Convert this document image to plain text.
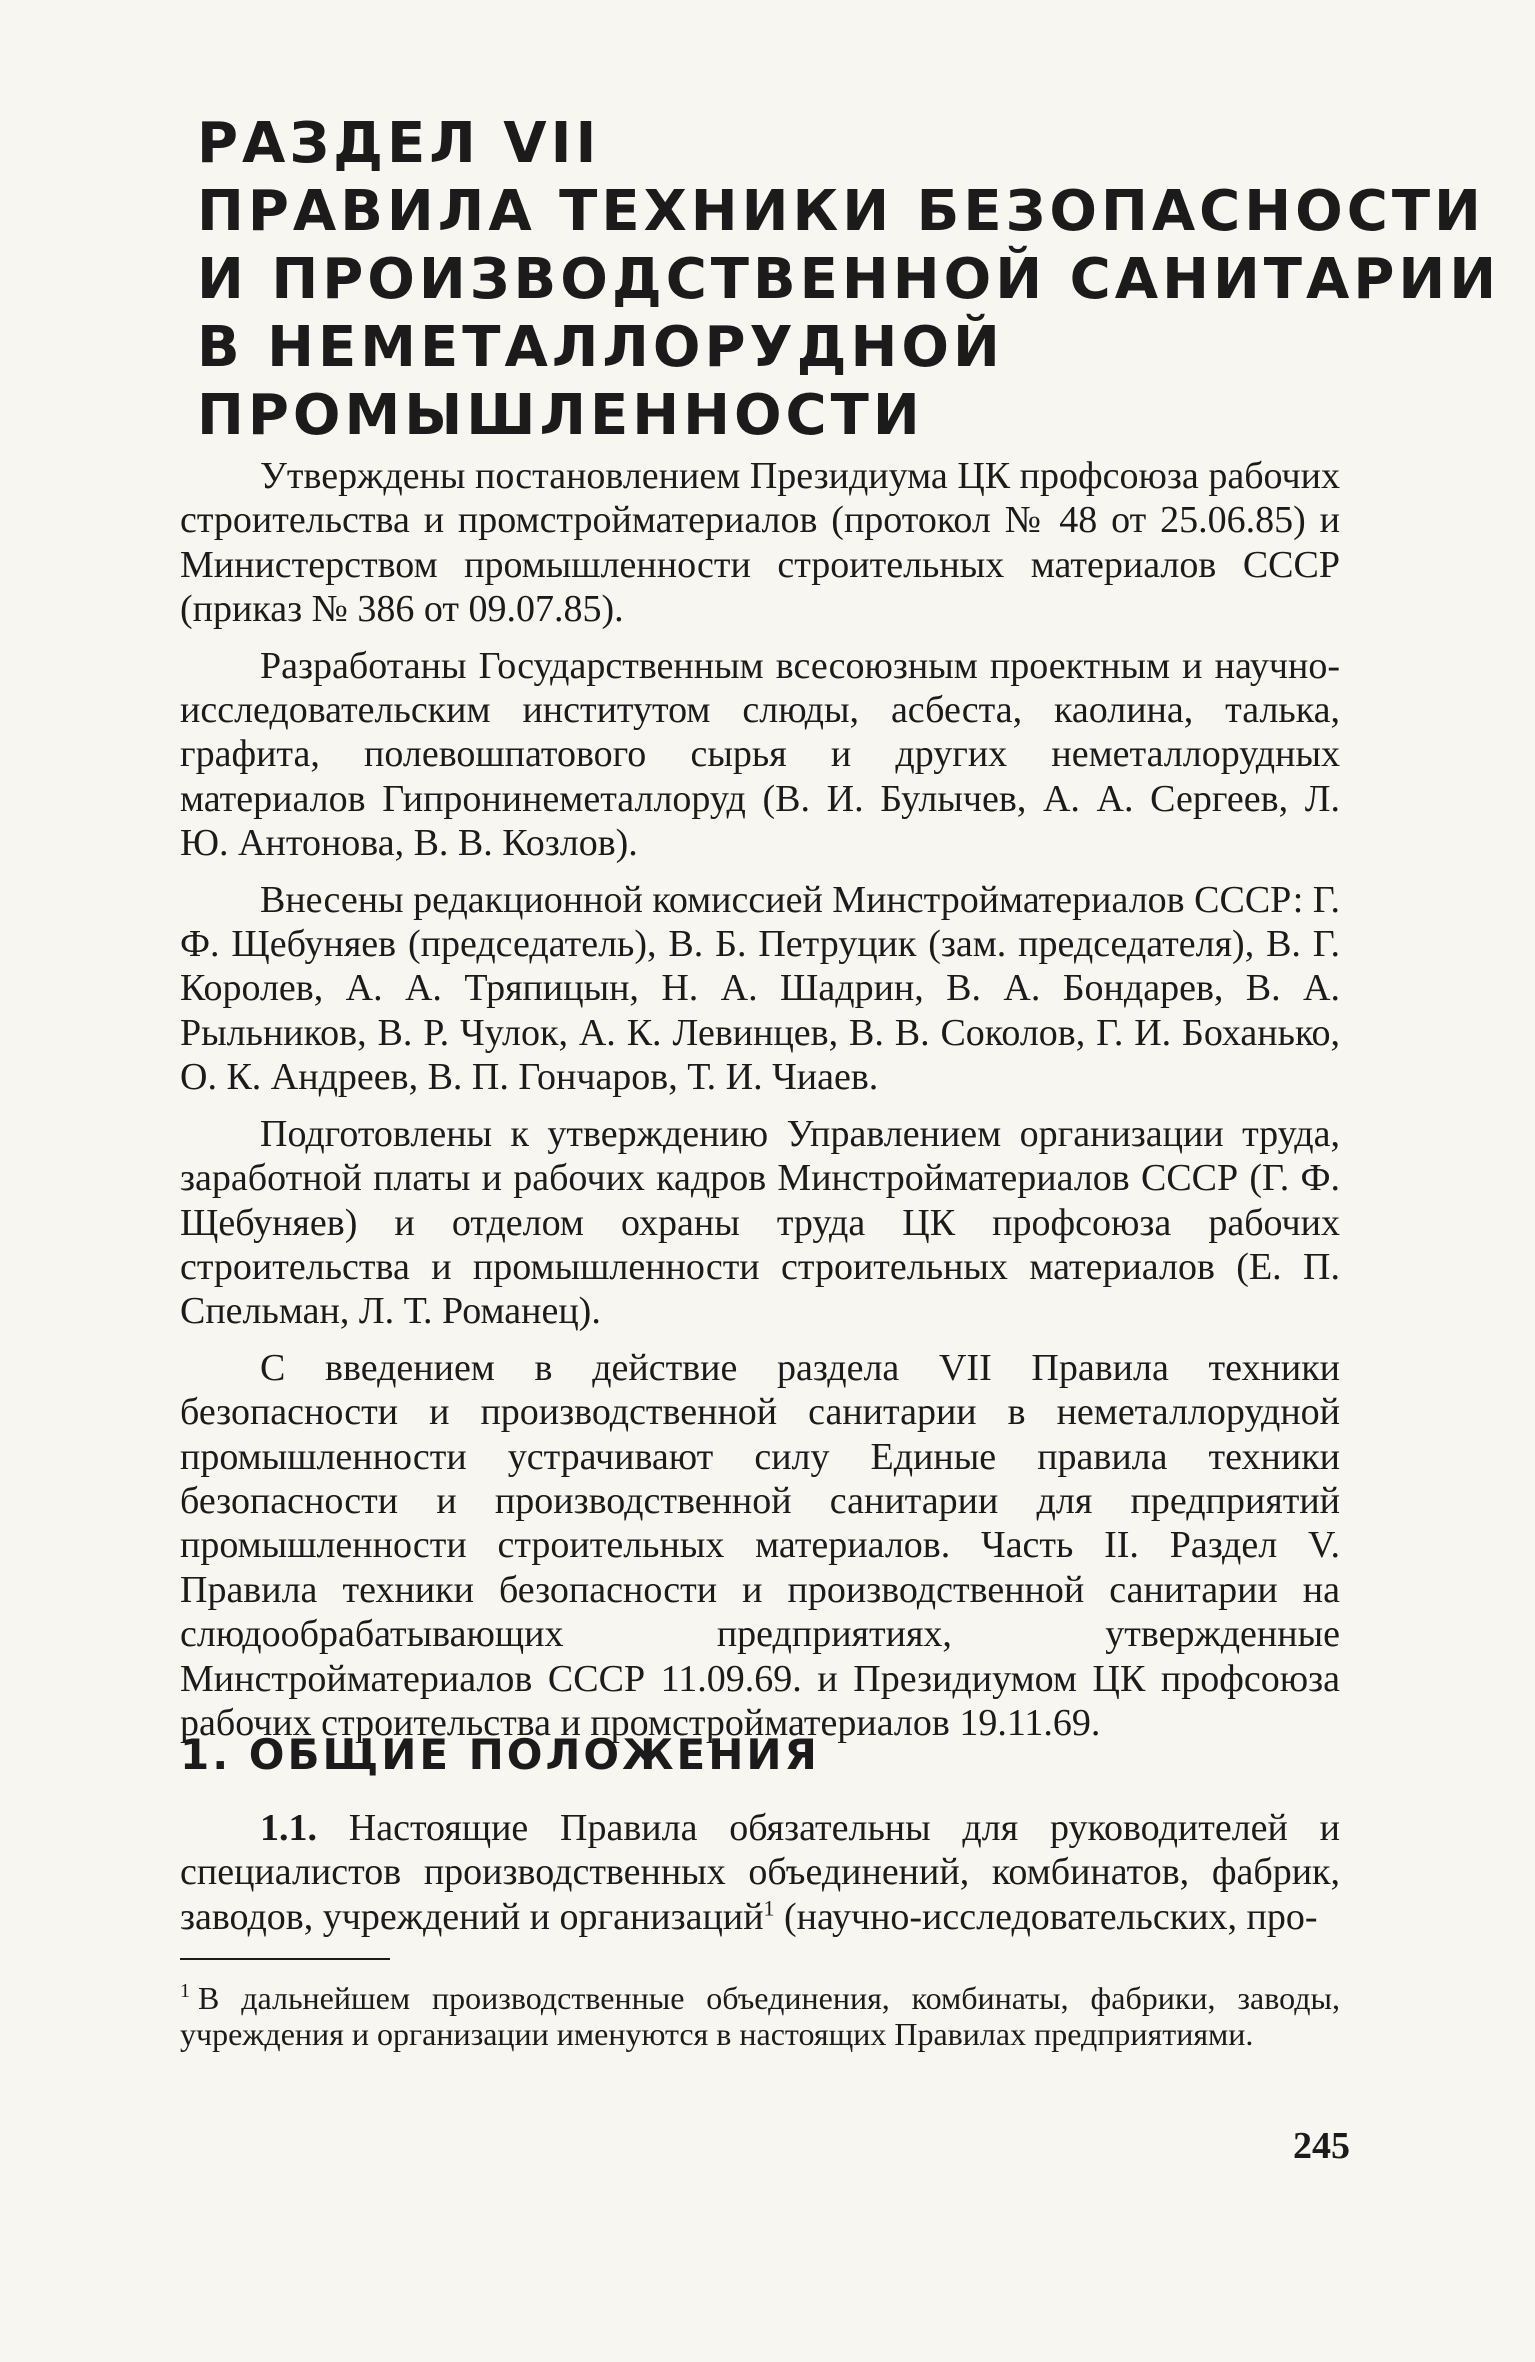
РАЗДЕЛ VII
ПРАВИЛА ТЕХНИКИ БЕЗОПАСНОСТИ
И ПРОИЗВОДСТВЕННОЙ САНИТАРИИ
В НЕМЕТАЛЛОРУДНОЙ
ПРОМЫШЛЕННОСТИ

Утверждены постановлением Президиума ЦК профсоюза рабочих строительства и промстройматериалов (протокол № 48 от 25.06.85) и Министерством промышленности строительных материалов СССР (приказ № 386 от 09.07.85).

Разработаны Государственным всесоюзным проектным и научно-исследовательским институтом слюды, асбеста, каолина, талька, графита, полевошпатового сырья и других неметаллорудных материалов Гипронинеметаллоруд (В. И. Булычев, А. А. Сергеев, Л. Ю. Антонова, В. В. Козлов).

Внесены редакционной комиссией Минстройматериалов СССР: Г. Ф. Щебуняев (председатель), В. Б. Петруцик (зам. председателя), В. Г. Королев, А. А. Тряпицын, Н. А. Шадрин, В. А. Бондарев, В. А. Рыльников, В. Р. Чулок, А. К. Левинцев, В. В. Соколов, Г. И. Боханько, О. К. Андреев, В. П. Гончаров, Т. И. Чиаев.

Подготовлены к утверждению Управлением организации труда, заработной платы и рабочих кадров Минстройматериалов СССР (Г. Ф. Щебуняев) и отделом охраны труда ЦК профсоюза рабочих строительства и промышленности строительных материалов (Е. П. Спельман, Л. Т. Романец).

С введением в действие раздела VII Правила техники безопасности и производственной санитарии в неметаллорудной промышленности устрачивают силу Единые правила техники безопасности и производственной санитарии для предприятий промышленности строительных материалов. Часть II. Раздел V. Правила техники безопасности и производственной санитарии на слюдообрабатывающих предприятиях, утвержденные Минстройматериалов СССР 11.09.69. и Президиумом ЦК профсоюза рабочих строительства и промстройматериалов 19.11.69.

1. ОБЩИЕ ПОЛОЖЕНИЯ

1.1. Настоящие Правила обязательны для руководителей и специалистов производственных объединений, комбинатов, фабрик, заводов, учреждений и организаций$^1$ (научно-исследовательских, про-

$^1$ В дальнейшем производственные объединения, комбинаты, фабрики, заводы, учреждения и организации именуются в настоящих Правилах предприятиями.

245
